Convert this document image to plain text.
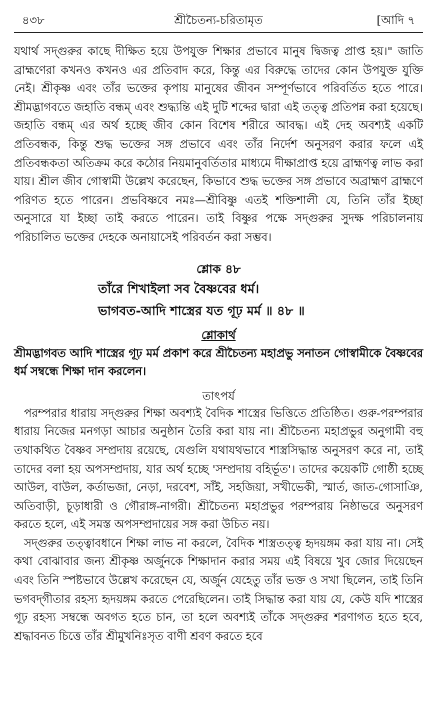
৪৩৮	শ্রীচৈতন্য-চরিতামৃত	[আদি ৭

যথার্থ সদ্‌গুরুর কাছে দীক্ষিত হয়ে উপযুক্ত শিক্ষার প্রভাবে মানুষ দ্বিজত্ব প্রাপ্ত হয়।" জাতি ব্রাহ্মণেরা কখনও কখনও এর প্রতিবাদ করে, কিন্তু এর বিরুদ্ধে তাদের কোন উপযুক্ত যুক্তি নেই। শ্রীকৃষ্ণ এবং তাঁর ভক্তের কৃপায় মানুষের জীবন সম্পূর্ণভাবে পরিবর্তিত হতে পারে। শ্রীমদ্ভাগবতে জহাতি বন্ধম্ এবং শুদ্ধ্যন্তি এই দুটি শব্দের দ্বারা এই তত্ত্ব প্রতিপন্ন করা হয়েছে। জহাতি বন্ধম্ এর অর্থ হচ্ছে জীব কোন বিশেষ শরীরে আবদ্ধ। এই দেহ অবশ্যই একটি প্রতিবন্ধক, কিন্তু শুদ্ধ ভক্তের সঙ্গ প্রভাবে এবং তাঁর নির্দেশ অনুসরণ করার ফলে এই প্রতিবন্ধকতা অতিক্রম করে কঠোর নিয়মানুবর্তিতার মাধ্যমে দীক্ষাপ্রাপ্ত হয়ে ব্রাহ্মণত্ব লাভ করা যায়। শ্রীল জীব গোস্বামী উল্লেখ করেছেন, কিভাবে শুদ্ধ ভক্তের সঙ্গ প্রভাবে অব্রাহ্মণ ব্রাহ্মণে পরিণত হতে পারেন। প্রভবিষ্ণবে নমঃ—শ্রীবিষ্ণু এতই শক্তিশালী যে, তিনি তাঁর ইচ্ছা অনুসারে যা ইচ্ছা তাই করতে পারেন। তাই বিষ্ণুর পক্ষে সদ্‌গুরুর সুদক্ষ পরিচালনায় পরিচালিত ভক্তের দেহকে অনায়াসেই পরিবর্তন করা সম্ভব।

শ্লোক ৪৮
তাঁরে শিখাইলা সব বৈষ্ণবের ধর্ম।
ভাগবত-আদি শাস্ত্রের যত গূঢ় মর্ম ॥ ৪৮ ॥
শ্লোকার্থ

শ্রীমদ্ভাগবত আদি শাস্ত্রের গূঢ় মর্ম প্রকাশ করে শ্রীচৈতন্য মহাপ্রভু সনাতন গোস্বামীকে বৈষ্ণবের ধর্ম সম্বন্ধে শিক্ষা দান করলেন।

তাৎপর্য

পরম্পরার ধারায় সদ্‌গুরুর শিক্ষা অবশ্যই বৈদিক শাস্ত্রের ভিত্তিতে প্রতিষ্ঠিত। গুরু-পরম্পরার ধারায় নিজের মনগড়া আচার অনুষ্ঠান তৈরি করা যায় না। শ্রীচৈতন্য মহাপ্রভুর অনুগামী বহু তথাকথিত বৈষ্ণব সম্প্রদায় রয়েছে, যেগুলি যথাযথভাবে শাস্ত্রসিদ্ধান্ত অনুসরণ করে না, তাই তাদের বলা হয় অপসম্প্রদায়, যার অর্থ হচ্ছে 'সম্প্রদায় বহির্ভূত'। তাদের কয়েকটি গোষ্ঠী হচ্ছে আউল, বাউল, কর্তাভজা, নেড়া, দরবেশ, সাঁই, সহজিয়া, সখীভেকী, স্মার্ত, জাত-গোসাঞি, অতিবাড়ী, চূড়াধারী ও গৌরাঙ্গ-নাগরী। শ্রীচৈতন্য মহাপ্রভুর পরম্পরায় নিষ্ঠাভরে অনুসরণ করতে হলে, এই সমস্ত অপসম্প্রদায়ের সঙ্গ করা উচিত নয়।

সদ্‌গুরুর তত্ত্বাবধানে শিক্ষা লাভ না করলে, বৈদিক শাস্ত্রতত্ত্ব হৃদয়ঙ্গম করা যায় না। সেই কথা বোঝাবার জন্য শ্রীকৃষ্ণ অর্জুনকে শিক্ষাদান করার সময় এই বিষয়ে খুব জোর দিয়েছেন এবং তিনি স্পষ্টভাবে উল্লেখ করেছেন যে, অর্জুন যেহেতু তাঁর ভক্ত ও সখা ছিলেন, তাই তিনি ভগবদ্‌গীতার রহস্য হৃদয়ঙ্গম করতে পেরেছিলেন। তাই সিদ্ধান্ত করা যায় যে, কেউ যদি শাস্ত্রের গূঢ় রহস্য সম্বন্ধে অবগত হতে চান, তা হলে অবশ্যই তাঁকে সদ্‌গুরুর শরণাগত হতে হবে, শ্রদ্ধাবনত চিত্তে তাঁর শ্রীমুখনিঃসৃত বাণী শ্রবণ করতে হবে
